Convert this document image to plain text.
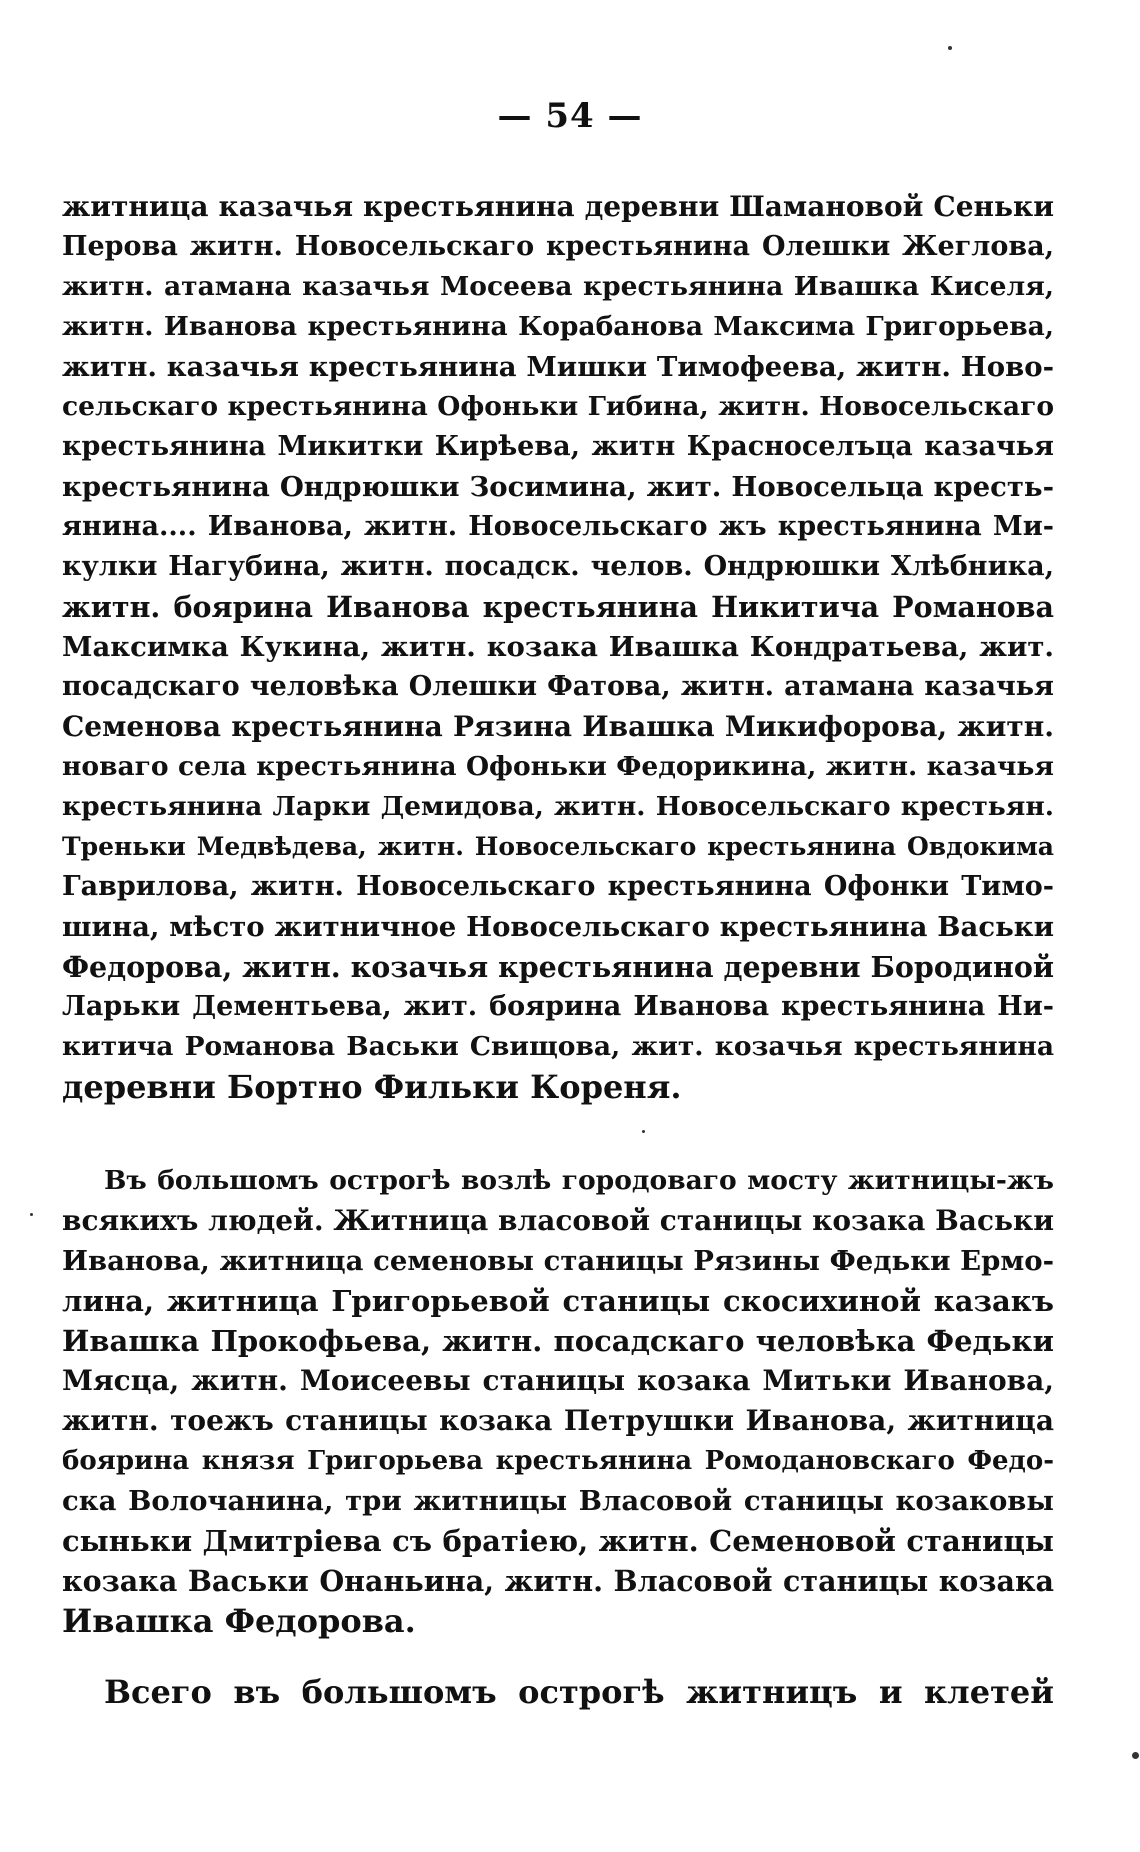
— 54 —
житница казачья крестьянина деревни Шамановой Сеньки
Перова житн. Новосельскаго крестьянина Олешки Жеглова,
житн. атамана казачья Мосеева крестьянина Ивашка Киселя,
житн. Иванова крестьянина Корабанова Максима Григорьева,
житн. казачья крестьянина Мишки Тимофеева, житн. Ново-
сельскаго крестьянина Офоньки Гибина, житн. Новосельскаго
крестьянина Микитки Кирѣева, житн Красноселъца казачья
крестьянина Ондрюшки Зосимина, жит. Новосельца кресть-
янина.... Иванова, житн. Новосельскаго жъ крестьянина Ми-
кулки Нагубина, житн. посадск. челов. Ондрюшки Хлѣбника,
житн. боярина Иванова крестьянина Никитича Романова
Максимка Кукина, житн. козака Ивашка Кондратьева, жит.
посадскаго человѣка Олешки Фатова, житн. атамана казачья
Семенова крестьянина Рязина Ивашка Микифорова, житн.
новаго села крестьянина Офоньки Федорикина, житн. казачья
крестьянина Ларки Демидова, житн. Новосельскаго крестьян.
Треньки Медвѣдева, житн. Новосельскаго крестьянина Овдокима
Гаврилова, житн. Новосельскаго крестьянина Офонки Тимо-
шина, мѣсто житничное Новосельскаго крестьянина Васьки
Федорова, житн. козачья крестьянина деревни Бородиной
Ларьки Дементьева, жит. боярина Иванова крестьянина Ни-
китича Романова Васьки Свищова, жит. козачья крестьянина
деревни Бортно Фильки Кореня.
Въ большомъ острогѣ возлѣ городоваго мосту житницы-жъ
всякихъ людей. Житница власовой станицы козака Васьки
Иванова, житница семеновы станицы Рязины Федьки Ермо-
лина, житница Григорьевой станицы скосихиной казакъ
Ивашка Прокофьева, житн. посадскаго человѣка Федьки
Мясца, житн. Моисеевы станицы козака Митьки Иванова,
житн. тоежъ станицы козака Петрушки Иванова, житница
боярина князя Григорьева крестьянина Ромодановскаго Федо-
ска Волочанина, три житницы Власовой станицы козаковы
сыньки Дмитріева съ братіею, житн. Семеновой станицы
козака Васьки Онаньина, житн. Власовой станицы козака
Ивашка Федорова.
Всего въ большомъ острогѣ житницъ и клетей
